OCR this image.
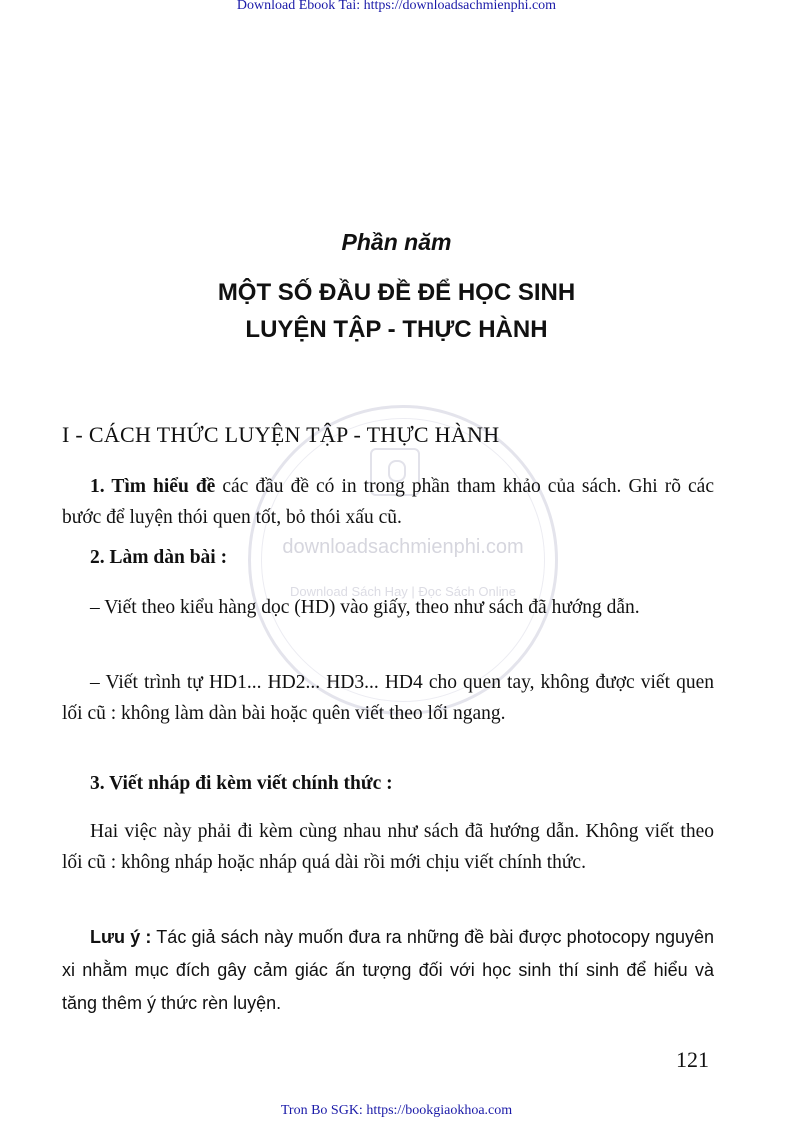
Download Ebook Tai: https://downloadsachmienphi.com
downloadsachmienphi.com
Download Sách Hay | Đọc Sách Online
Phần năm
MỘT SỐ ĐẦU ĐỀ ĐỂ HỌC SINH
LUYỆN TẬP - THỰC HÀNH
I - CÁCH THỨC LUYỆN TẬP - THỰC HÀNH
1. Tìm hiểu đề các đầu đề có in trong phần tham khảo của sách. Ghi rõ các bước để luyện thói quen tốt, bỏ thói xấu cũ.
2. Làm dàn bài :
– Viết theo kiểu hàng dọc (HD) vào giấy, theo như sách đã hướng dẫn.
– Viết trình tự HD1... HD2... HD3... HD4 cho quen tay, không được viết quen lối cũ : không làm dàn bài hoặc quên viết theo lối ngang.
3. Viết nháp đi kèm viết chính thức :
Hai việc này phải đi kèm cùng nhau như sách đã hướng dẫn. Không viết theo lối cũ : không nháp hoặc nháp quá dài rồi mới chịu viết chính thức.
Lưu ý : Tác giả sách này muốn đưa ra những đề bài được photocopy nguyên xi nhằm mục đích gây cảm giác ấn tượng đối với học sinh thí sinh để hiểu và tăng thêm ý thức rèn luyện.
121
Tron Bo SGK: https://bookgiaokhoa.com
